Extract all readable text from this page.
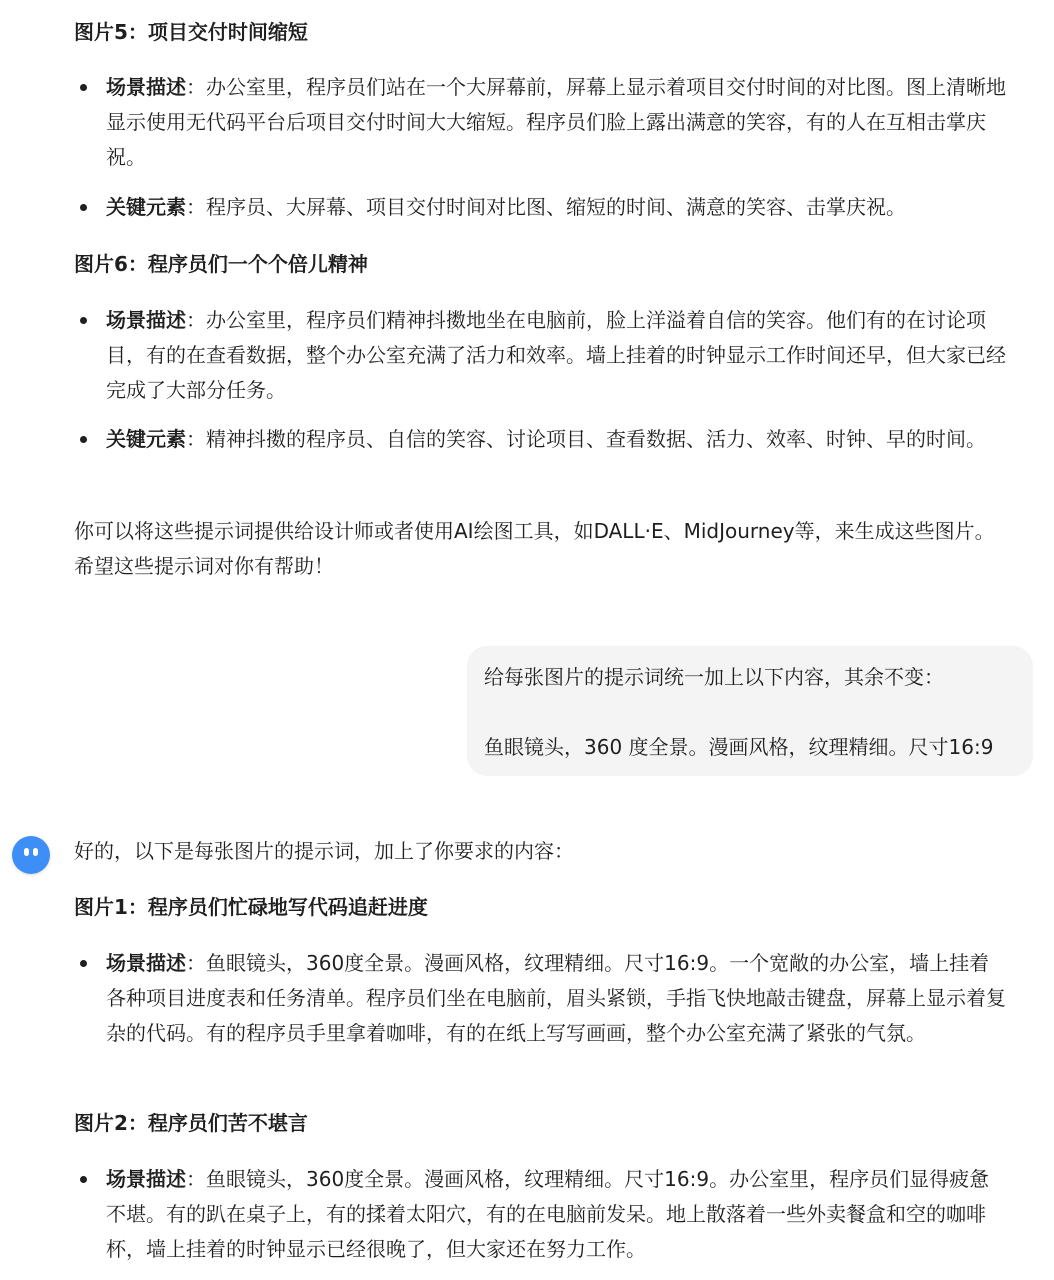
图片5：项目交付时间缩短
场景描述：办公室里，程序员们站在一个大屏幕前，屏幕上显示着项目交付时间的对比图。图上清晰地显示使用无代码平台后项目交付时间大大缩短。程序员们脸上露出满意的笑容，有的人在互相击掌庆祝。
关键元素：程序员、大屏幕、项目交付时间对比图、缩短的时间、满意的笑容、击掌庆祝。
图片6：程序员们一个个倍儿精神
场景描述：办公室里，程序员们精神抖擞地坐在电脑前，脸上洋溢着自信的笑容。他们有的在讨论项目，有的在查看数据，整个办公室充满了活力和效率。墙上挂着的时钟显示工作时间还早，但大家已经完成了大部分任务。
关键元素：精神抖擞的程序员、自信的笑容、讨论项目、查看数据、活力、效率、时钟、早的时间。
你可以将这些提示词提供给设计师或者使用AI绘图工具，如DALL·E、MidJourney等，来生成这些图片。希望这些提示词对你有帮助！
给每张图片的提示词统一加上以下内容，其余不变：
鱼眼镜头，360 度全景。漫画风格，纹理精细。尺寸16:9
好的，以下是每张图片的提示词，加上了你要求的内容：
图片1：程序员们忙碌地写代码追赶进度
场景描述：鱼眼镜头，360度全景。漫画风格，纹理精细。尺寸16:9。一个宽敞的办公室，墙上挂着各种项目进度表和任务清单。程序员们坐在电脑前，眉头紧锁，手指飞快地敲击键盘，屏幕上显示着复杂的代码。有的程序员手里拿着咖啡，有的在纸上写写画画，整个办公室充满了紧张的气氛。
图片2：程序员们苦不堪言
场景描述：鱼眼镜头，360度全景。漫画风格，纹理精细。尺寸16:9。办公室里，程序员们显得疲惫不堪。有的趴在桌子上，有的揉着太阳穴，有的在电脑前发呆。地上散落着一些外卖餐盒和空的咖啡杯，墙上挂着的时钟显示已经很晚了，但大家还在努力工作。
